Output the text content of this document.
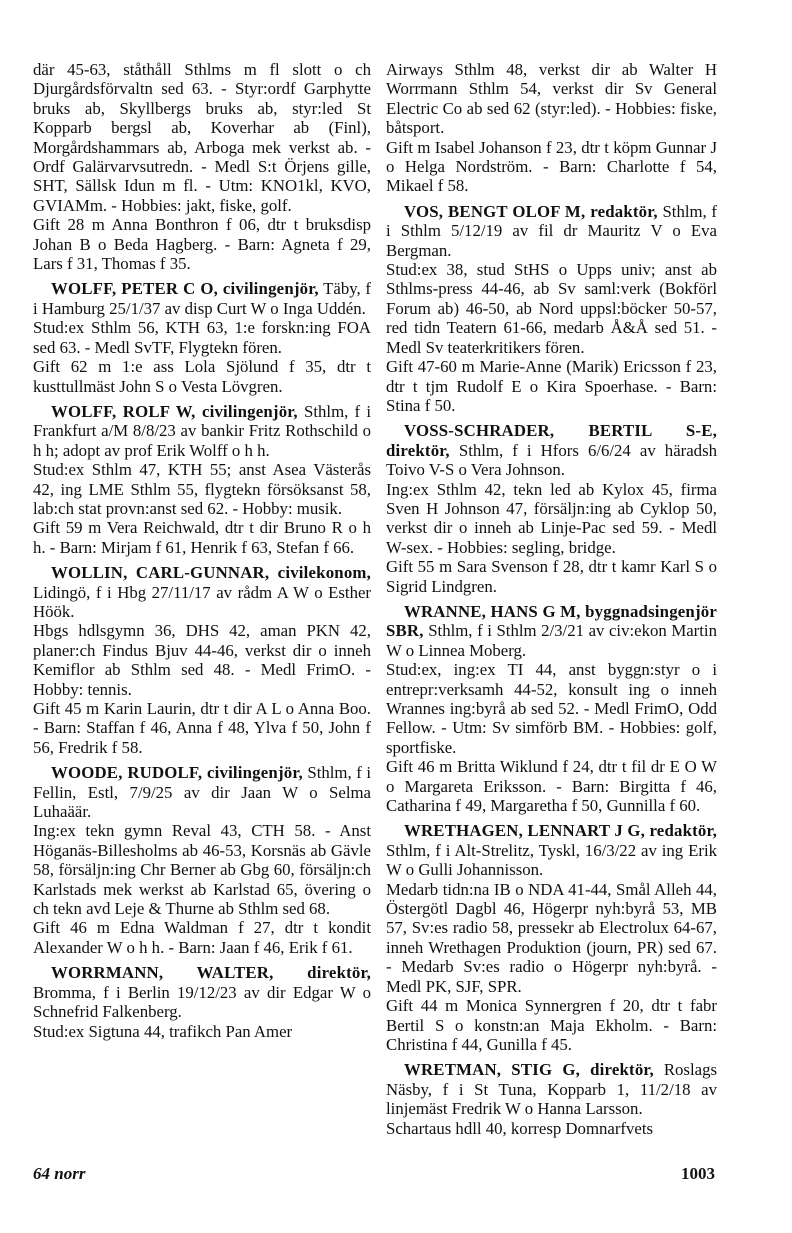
där 45-63, ståthåll Sthlms m fl slott o ch Djurgårdsförvaltn sed 63. - Styr:ordf Garphytte bruks ab, Skyllbergs bruks ab, styr:led St Kopparb bergsl ab, Koverhar ab (Finl), Morgårdshammars ab, Arboga mek verkst ab. - Ordf Galärvarvsutredn. - Medl S:t Örjens gille, SHT, Sällsk Idun m fl. - Utm: KNO1kl, KVO, GVIAMm. - Hobbies: jakt, fiske, golf.

Gift 28 m Anna Bonthron f 06, dtr t bruksdisp Johan B o Beda Hagberg. - Barn: Agneta f 29, Lars f 31, Thomas f 35.

WOLFF, PETER C O, civilingenjör, Täby, f i Hamburg 25/1/37 av disp Curt W o Inga Uddén.

Stud:ex Sthlm 56, KTH 63, 1:e forskn:ing FOA sed 63. - Medl SvTF, Flygtekn fören.

Gift 62 m 1:e ass Lola Sjölund f 35, dtr t kusttullmäst John S o Vesta Lövgren.

WOLFF, ROLF W, civilingenjör, Sthlm, f i Frankfurt a/M 8/8/23 av bankir Fritz Rothschild o h h; adopt av prof Erik Wolff o h h.

Stud:ex Sthlm 47, KTH 55; anst Asea Västerås 42, ing LME Sthlm 55, flygtekn försöksanst 58, lab:ch stat provn:anst sed 62. - Hobby: musik.

Gift 59 m Vera Reichwald, dtr t dir Bruno R o h h. - Barn: Mirjam f 61, Henrik f 63, Stefan f 66.

WOLLIN, CARL-GUNNAR, civilekonom, Lidingö, f i Hbg 27/11/17 av rådm A W o Esther Höök.

Hbgs hdlsgymn 36, DHS 42, aman PKN 42, planer:ch Findus Bjuv 44-46, verkst dir o inneh Kemiflor ab Sthlm sed 48. - Medl FrimO. - Hobby: tennis.

Gift 45 m Karin Laurin, dtr t dir A L o Anna Boo. - Barn: Staffan f 46, Anna f 48, Ylva f 50, John f 56, Fredrik f 58.

WOODE, RUDOLF, civilingenjör, Sthlm, f i Fellin, Estl, 7/9/25 av dir Jaan W o Selma Luhaäär.

Ing:ex tekn gymn Reval 43, CTH 58. - Anst Höganäs-Billesholms ab 46-53, Korsnäs ab Gävle 58, försäljn:ing Chr Berner ab Gbg 60, försäljn:ch Karlstads mek werkst ab Karlstad 65, övering o ch tekn avd Leje & Thurne ab Sthlm sed 68.

Gift 46 m Edna Waldman f 27, dtr t kondit Alexander W o h h. - Barn: Jaan f 46, Erik f 61.

WORRMANN, WALTER, direktör, Bromma, f i Berlin 19/12/23 av dir Edgar W o Schnefrid Falkenberg.

Stud:ex Sigtuna 44, trafikch Pan Amer

Airways Sthlm 48, verkst dir ab Walter H Worrmann Sthlm 54, verkst dir Sv General Electric Co ab sed 62 (styr:led). - Hobbies: fiske, båtsport.

Gift m Isabel Johanson f 23, dtr t köpm Gunnar J o Helga Nordström. - Barn: Charlotte f 54, Mikael f 58.

VOS, BENGT OLOF M, redaktör, Sthlm, f i Sthlm 5/12/19 av fil dr Mauritz V o Eva Bergman.

Stud:ex 38, stud StHS o Upps univ; anst ab Sthlms-press 44-46, ab Sv saml:verk (Bokförl Forum ab) 46-50, ab Nord uppsl:böcker 50-57, red tidn Teatern 61-66, medarb Å&Å sed 51. - Medl Sv teaterkritikers fören.

Gift 47-60 m Marie-Anne (Marik) Ericsson f 23, dtr t tjm Rudolf E o Kira Spoerhase. - Barn: Stina f 50.

VOSS-SCHRADER, BERTIL S-E, direktör, Sthlm, f i Hfors 6/6/24 av häradsh Toivo V-S o Vera Johnson.

Ing:ex Sthlm 42, tekn led ab Kylox 45, firma Sven H Johnson 47, försäljn:ing ab Cyklop 50, verkst dir o inneh ab Linje-Pac sed 59. - Medl W-sex. - Hobbies: segling, bridge.

Gift 55 m Sara Svenson f 28, dtr t kamr Karl S o Sigrid Lindgren.

WRANNE, HANS G M, byggnadsingenjör SBR, Sthlm, f i Sthlm 2/3/21 av civ:ekon Martin W o Linnea Moberg.

Stud:ex, ing:ex TI 44, anst byggn:styr o i entrepr:verksamh 44-52, konsult ing o inneh Wrannes ing:byrå ab sed 52. - Medl FrimO, Odd Fellow. - Utm: Sv simförb BM. - Hobbies: golf, sportfiske.

Gift 46 m Britta Wiklund f 24, dtr t fil dr E O W o Margareta Eriksson. - Barn: Birgitta f 46, Catharina f 49, Margaretha f 50, Gunnilla f 60.

WRETHAGEN, LENNART J G, redaktör, Sthlm, f i Alt-Strelitz, Tyskl, 16/3/22 av ing Erik W o Gulli Johannisson.

Medarb tidn:na IB o NDA 41-44, Smål Alleh 44, Östergötl Dagbl 46, Högerpr nyh:byrå 53, MB 57, Sv:es radio 58, pressekr ab Electrolux 64-67, inneh Wrethagen Produktion (journ, PR) sed 67. - Medarb Sv:es radio o Högerpr nyh:byrå. - Medl PK, SJF, SPR.

Gift 44 m Monica Synnergren f 20, dtr t fabr Bertil S o konstn:an Maja Ekholm. - Barn: Christina f 44, Gunilla f 45.

WRETMAN, STIG G, direktör, Roslags Näsby, f i St Tuna, Kopparb 1, 11/2/18 av linjemäst Fredrik W o Hanna Larsson.

Schartaus hdll 40, korresp Domnarfvets

64 norr	1003
